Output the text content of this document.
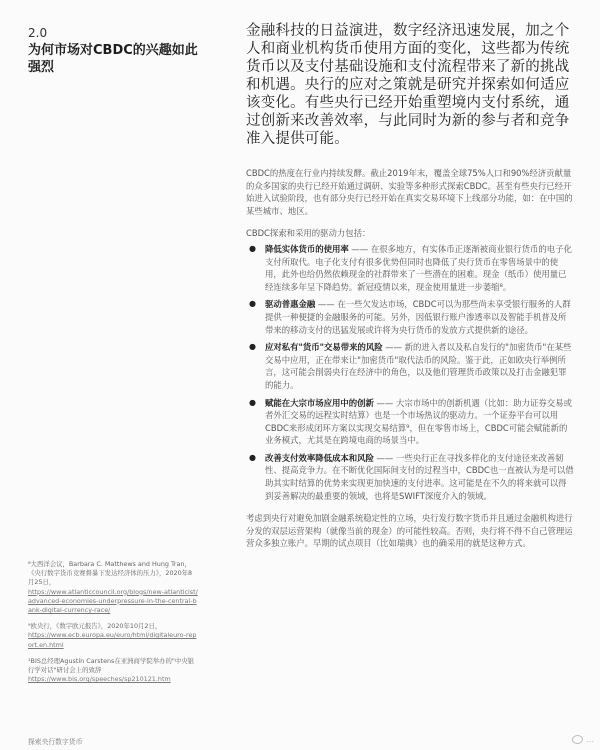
2.0
为何市场对CBDC的兴趣如此强烈

金融科技的日益演进，数字经济迅速发展，加之个人和商业机构货币使用方面的变化，这些都为传统货币以及支付基础设施和支付流程带来了新的挑战和机遇。央行的应对之策就是研究并探索如何适应该变化。有些央行已经开始重塑境内支付系统，通过创新来改善效率，与此同时为新的参与者和竞争准入提供可能。

CBDC的热度在行业内持续发酵。截止2019年末，覆盖全球75%人口和90%经济贡献量的众多国家的央行已经开始通过调研、实验等多种形式探索CBDC。甚至有些央行已经开始进入试验阶段，也有部分央行已经开始在真实交易环境下上线部分功能，如：在中国的某些城市、地区。

CBDC探索和采用的驱动力包括：

● 降低实体货币的使用率 —— 在很多地方，有实体币正逐渐被商业银行货币的电子化支付所取代。电子化支付有很多优势但同时也降低了央行货币在零售场景中的使用，此外也给仍然依赖现金的社群带来了一些潜在的困难。现金（纸币）使用量已经连续多年呈下降趋势。新冠疫情以来，现金使用量进一步萎缩⁸。
● 驱动普惠金融 —— 在一些欠发达市场，CBDC可以为那些尚未享受银行服务的人群提供一种便捷的金融服务的可能。另外，因低银行账户渗透率以及智能手机普及所带来的移动支付的迅猛发展或许将为央行货币的发放方式提供新的途径。
● 应对私有"货币"交易带来的风险 —— 新的进入者以及私自发行的"加密货币"在某些交易中应用，正在带来让"加密货币"取代法币的风险。鉴于此，正如欧央行举例所言，这可能会削弱央行在经济中的角色，以及他们管理货币政策以及打击金融犯罪的能力。
● 赋能在大宗市场应用中的创新 —— 大宗市场中的创新机遇（比如：助力证券交易或者外汇交易的远程实时结算）也是一个市场热议的驱动力。一个证券平台可以用CBDC来形成闭环方案以实现交易结算⁹，但在零售市场上，CBDC可能会赋能新的业务模式，尤其是在跨境电商的场景当中。
● 改善支付效率降低成本和风险 —— 一些央行正在寻找多样化的支付途径来改善韧性、提高竞争力。在不断优化国际间支付的过程当中，CBDC也一直被认为是可以借助其实时结算的优势来实现更加快速的支付进率。这可能是在不久的将来就可以得到妥善解决的最重要的领域，也将是SWIFT深度介入的领域。

考虑到央行对避免加剧金融系统稳定性的立场，央行发行数字货币并且通过金融机构进行分发的双层运营架构（就像当前的现金）的可能性较高。否则，央行将不得不自己管理运营众多独立账户。早期的试点项目（比如瑞典）也的确采用的就是这种方式。

⁸大西洋会议，Barbara C. Matthews and Hung Tran，《央行数字货币竞赛督暴下发达经济体的压力》，2020年8月25日，
https://www.atlanticcouncil.org/blogs/new-atlanticist/advanced-economies-underpressure-in-the-central-bank-digital-currency-race/

⁹欧央行，《数字欧元报告》，2020年10月2日，
https://www.ecb.europa.eu/euro/html/digitaleuro-report.en.html

¹BIS总经理Agustín Carstens在亚洲商学院举办的"中央银行学对话"研讨会上的致辞
https://www.bis.org/speeches/sp210121.htm

探索央行数字货币	...
